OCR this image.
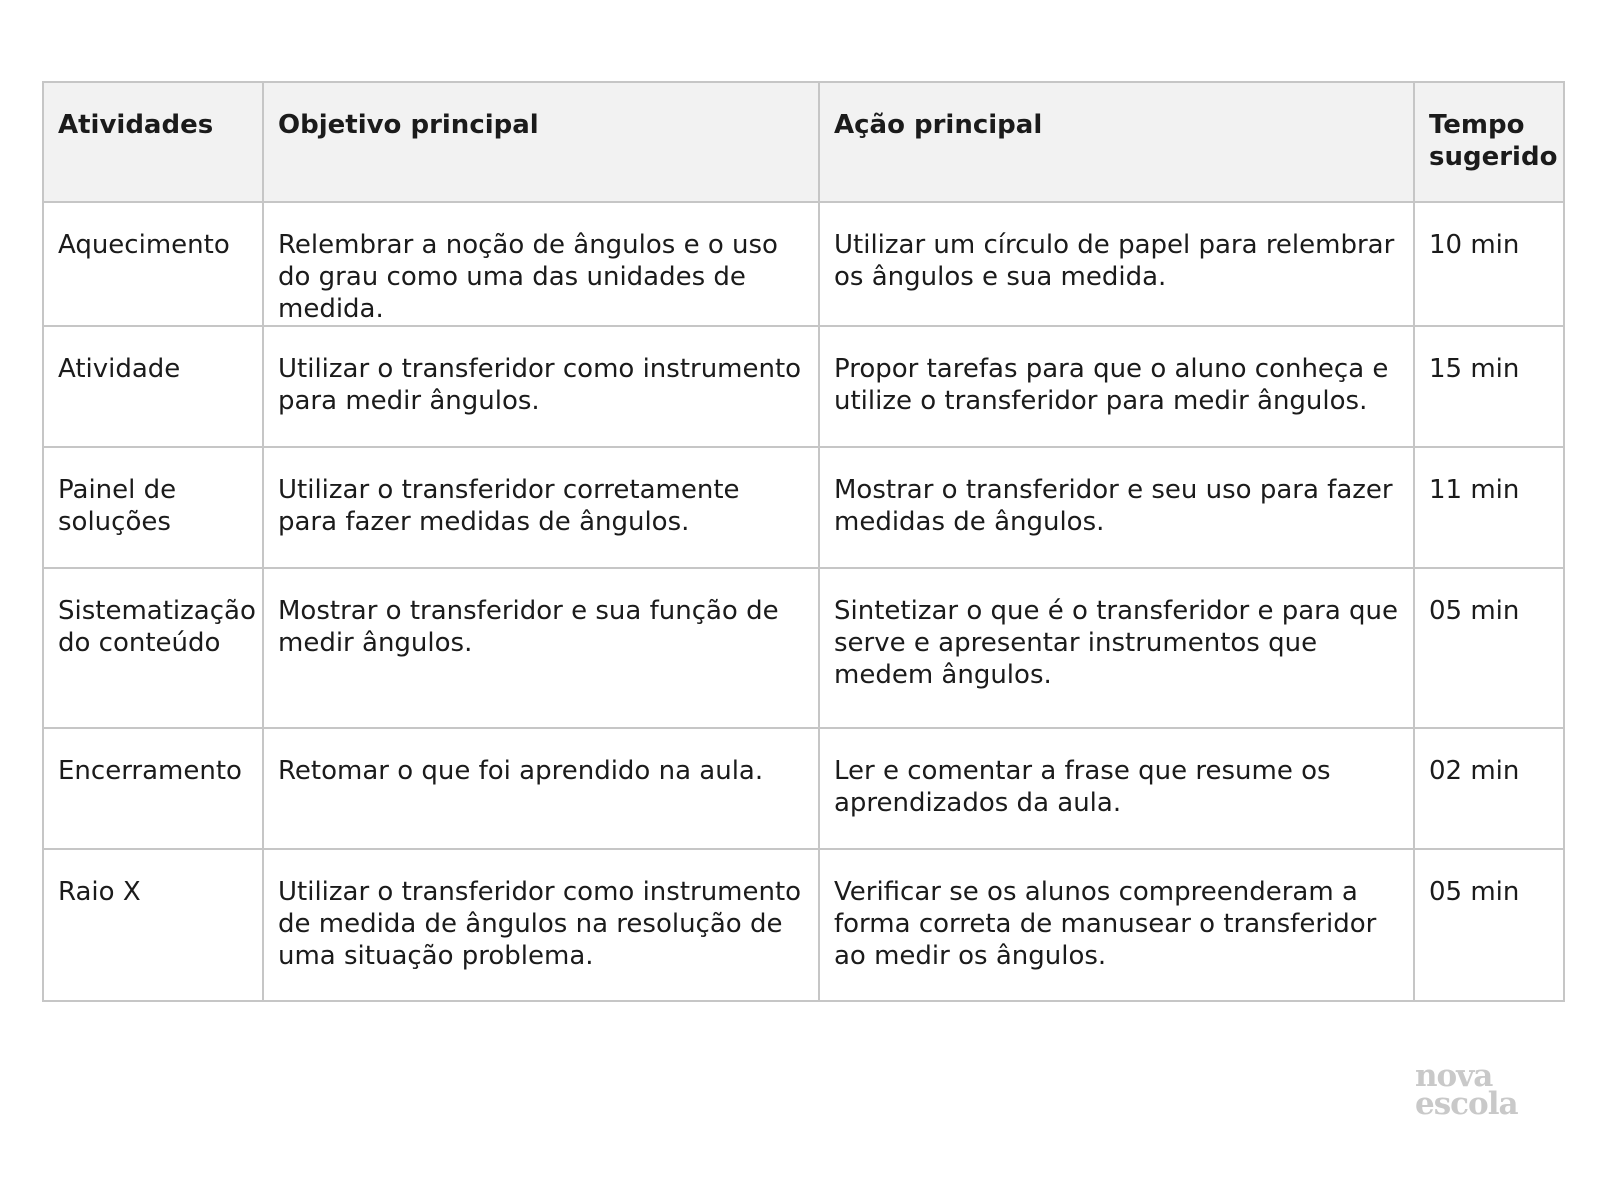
Atividades	Objetivo principal	Ação principal	Tempo sugerido
Aquecimento	Relembrar a noção de ângulos e o uso do grau como uma das unidades de medida.	Utilizar um círculo de papel para relembrar os ângulos e sua medida.	10 min
Atividade	Utilizar o transferidor como instrumento para medir ângulos.	Propor tarefas para que o aluno conheça e utilize o transferidor para medir ângulos.	15 min
Painel de soluções	Utilizar o transferidor corretamente para fazer medidas de ângulos.	Mostrar o transferidor e seu uso para fazer medidas de ângulos.	11 min
Sistematização do conteúdo	Mostrar o transferidor e sua função de medir ângulos.	Sintetizar o que é o transferidor e para que serve e apresentar instrumentos que medem ângulos.	05 min
Encerramento	Retomar o que foi aprendido na aula.	Ler e comentar a frase que resume os aprendizados da aula.	02 min
Raio X	Utilizar o transferidor como instrumento de medida de ângulos na resolução de uma situação problema.	Verificar se os alunos compreenderam a forma correta de manusear o transferidor ao medir os ângulos.	05 min
nova
escola
